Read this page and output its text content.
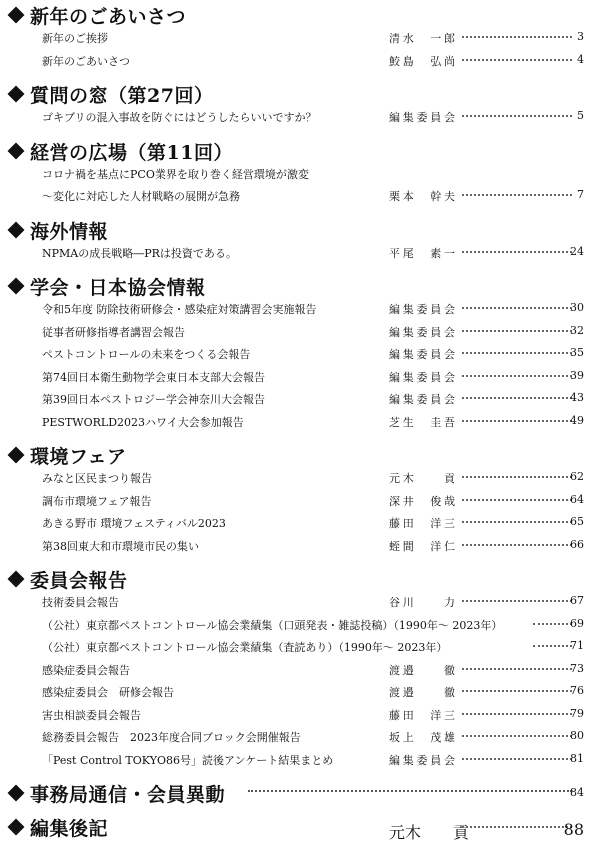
新年のごあいさつ
新年のご挨拶	清水　一郎	3
新年のごあいさつ	鮫島　弘尚	4
質問の窓（第27回）
ゴキブリの混入事故を防ぐにはどうしたらいいですか？	編集委員会	5
経営の広場（第11回）
コロナ禍を基点にPCO業界を取り巻く経営環境が激変
～変化に対応した人材戦略の展開が急務	栗本　幹夫	7
海外情報
NPMAの成長戦略―PRは投資である。	平尾　素一	24
学会・日本協会情報
令和5年度 防除技術研修会・感染症対策講習会実施報告	編集委員会	30
従事者研修指導者講習会報告	編集委員会	32
ペストコントロールの未来をつくる会報告	編集委員会	35
第74回日本衛生動物学会東日本支部大会報告	編集委員会	39
第39回日本ペストロジー学会神奈川大会報告	編集委員会	43
PESTWORLD2023ハワイ大会参加報告	芝生　圭吾	49
環境フェア
みなと区民まつり報告	元木　　貢	62
調布市環境フェア報告	深井　俊哉	64
あきる野市 環境フェスティバル2023	藤田　洋三	65
第38回東大和市環境市民の集い	蛭間　洋仁	66
委員会報告
技術委員会報告	谷川　　力	67
（公社）東京都ペストコントロール協会業績集（口頭発表・雑誌投稿）（1990年～ 2023年）	69
（公社）東京都ペストコントロール協会業績集（査読あり）（1990年～ 2023年）	71
感染症委員会報告	渡邉　　徹	73
感染症委員会　研修会報告	渡邉　　徹	76
害虫相談委員会報告	藤田　洋三	79
総務委員会報告　2023年度合同ブロック会開催報告	坂上　茂雄	80
「Pest Control TOKYO86号」読後アンケート結果まとめ	編集委員会	81
事務局通信・会員異動	84
編集後記	元木　　貢	88
